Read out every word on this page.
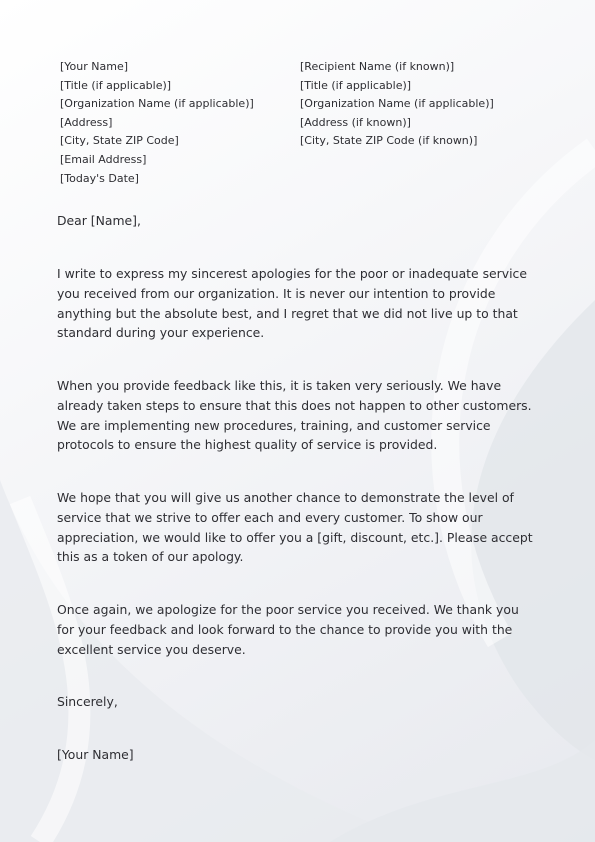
[Your Name]
[Title (if applicable)]
[Organization Name (if applicable)]
[Address]
[City, State ZIP Code]
[Email Address]
[Today's Date]
[Recipient Name (if known)]
[Title (if applicable)]
[Organization Name (if applicable)]
[Address (if known)]
[City, State ZIP Code (if known)]
Dear [Name],

I write to express my sincerest apologies for the poor or inadequate service you received from our organization. It is never our intention to provide anything but the absolute best, and I regret that we did not live up to that standard during your experience.

When you provide feedback like this, it is taken very seriously. We have already taken steps to ensure that this does not happen to other customers. We are implementing new procedures, training, and customer service protocols to ensure the highest quality of service is provided.

We hope that you will give us another chance to demonstrate the level of service that we strive to offer each and every customer. To show our appreciation, we would like to offer you a [gift, discount, etc.]. Please accept this as a token of our apology.

Once again, we apologize for the poor service you received. We thank you for your feedback and look forward to the chance to provide you with the excellent service you deserve.

Sincerely,
[Your Name]
